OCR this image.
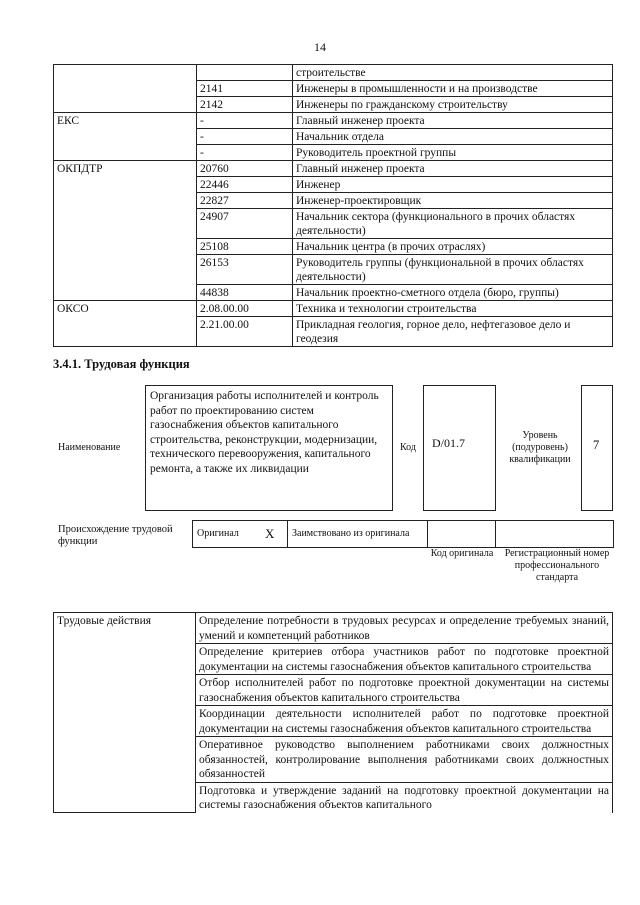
14
		строительстве
	2141	Инженеры в промышленности и на производстве
	2142	Инженеры по гражданскому строительству
ЕКС	-	Главный инженер проекта
	-	Начальник отдела
	-	Руководитель проектной группы
ОКПДТР	20760	Главный инженер проекта
	22446	Инженер
	22827	Инженер-проектировщик
	24907	Начальник сектора (функционального в прочих областях деятельности)
	25108	Начальник центра (в прочих отраслях)
	26153	Руководитель группы (функциональной в прочих областях деятельности)
	44838	Начальник проектно-сметного отдела (бюро, группы)
ОКСО	2.08.00.00	Техника и технологии строительства
	2.21.00.00	Прикладная геология, горное дело, нефтегазовое дело и геодезия
3.4.1. Трудовая функция
Наименование
Организация работы исполнителей и контроль работ по проектированию систем газоснабжения объектов капитального строительства, реконструкции, модернизации, технического перевооружения, капитального ремонта, а также их ликвидации
Код	D/01.7
Уровень (подуровень) квалификации
7
Происхождение трудовой функции
Оригинал	X	Заимствовано из оригинала		
Код оригинала Регистрационный номер профессионального стандарта
Трудовые действия	Определение потребности в трудовых ресурсах и определение требуемых знаний, умений и компетенций работников
Определение критериев отбора участников работ по подготовке проектной документации на системы газоснабжения объектов капитального строительства
Отбор исполнителей работ по подготовке проектной документации на системы газоснабжения объектов капитального строительства
Координации деятельности исполнителей работ по подготовке проектной документации на системы газоснабжения объектов капитального строительства
Оперативное руководство выполнением работниками своих должностных обязанностей, контролирование выполнения работниками своих должностных обязанностей
Подготовка и утверждение заданий на подготовку проектной документации на системы газоснабжения объектов капитального
